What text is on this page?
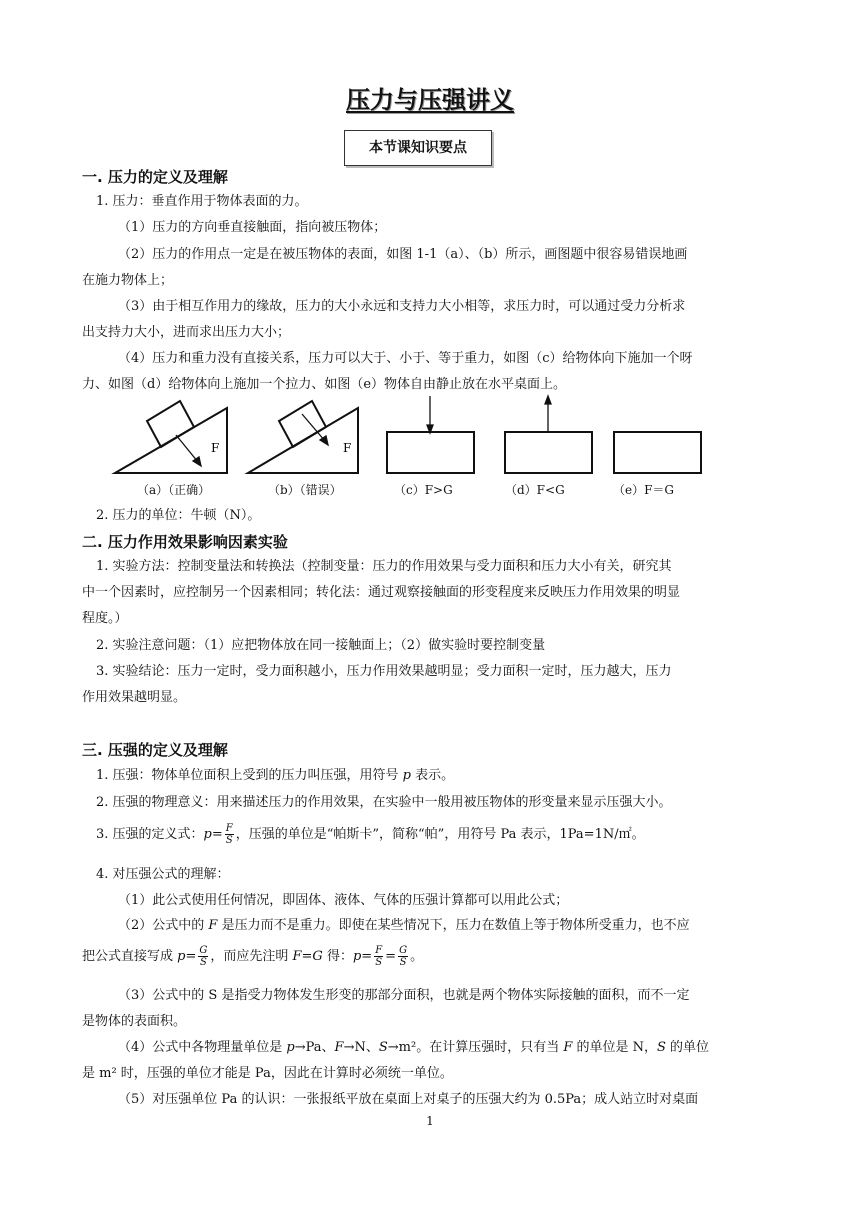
压力与压强讲义
本节课知识要点
一. 压力的定义及理解
1. 压力：垂直作用于物体表面的力。
（1）压力的方向垂直接触面，指向被压物体；
（2）压力的作用点一定是在被压物体的表面，如图 1-1（a）、（b）所示，画图题中很容易错误地画
在施力物体上；
（3）由于相互作用力的缘故，压力的大小永远和支持力大小相等，求压力时，可以通过受力分析求
出支持力大小，进而求出压力大小；
（4）压力和重力没有直接关系，压力可以大于、小于、等于重力，如图（c）给物体向下施加一个呀
力、如图（d）给物体向上施加一个拉力、如图（e）物体自由静止放在水平桌面上。
F	F
（a）（正确）	（b）（错误）	（c）F>G	（d）F<G	（e）F＝G
2. 压力的单位：牛顿（N）。
二. 压力作用效果影响因素实验
1. 实验方法：控制变量法和转换法（控制变量：压力的作用效果与受力面积和压力大小有关，研究其
中一个因素时，应控制另一个因素相同；转化法：通过观察接触面的形变程度来反映压力作用效果的明显
程度。）
2. 实验注意问题：（1）应把物体放在同一接触面上；（2）做实验时要控制变量
3. 实验结论：压力一定时，受力面积越小，压力作用效果越明显；受力面积一定时，压力越大，压力
作用效果越明显。
三. 压强的定义及理解
1. 压强：物体单位面积上受到的压力叫压强，用符号 p 表示。
2. 压强的物理意义：用来描述压力的作用效果，在实验中一般用被压物体的形变量来显示压强大小。
3. 压强的定义式：$p= \frac{F}{S}$ ，压强的单位是“帕斯卡”，简称“帕”，用符号 Pa 表示，1Pa=1N/㎡。
4. 对压强公式的理解：
（1）此公式使用任何情况，即固体、液体、气体的压强计算都可以用此公式；
（2）公式中的 F 是压力而不是重力。即使在某些情况下，压力在数值上等于物体所受重力，也不应
把公式直接写成 $p= \frac{G}{S}$ ，而应先注明 F=G 得：$p= \frac{F}{S} = \frac{G}{S}$ 。
（3）公式中的 S 是指受力物体发生形变的那部分面积，也就是两个物体实际接触的面积，而不一定
是物体的表面积。
（4）公式中各物理量单位是 p→Pa、F→N、S→m²。在计算压强时，只有当 F 的单位是 N，S 的单位
是 m² 时，压强的单位才能是 Pa，因此在计算时必须统一单位。
（5）对压强单位 Pa 的认识：一张报纸平放在桌面上对桌子的压强大约为 0.5Pa；成人站立时对桌面
1
